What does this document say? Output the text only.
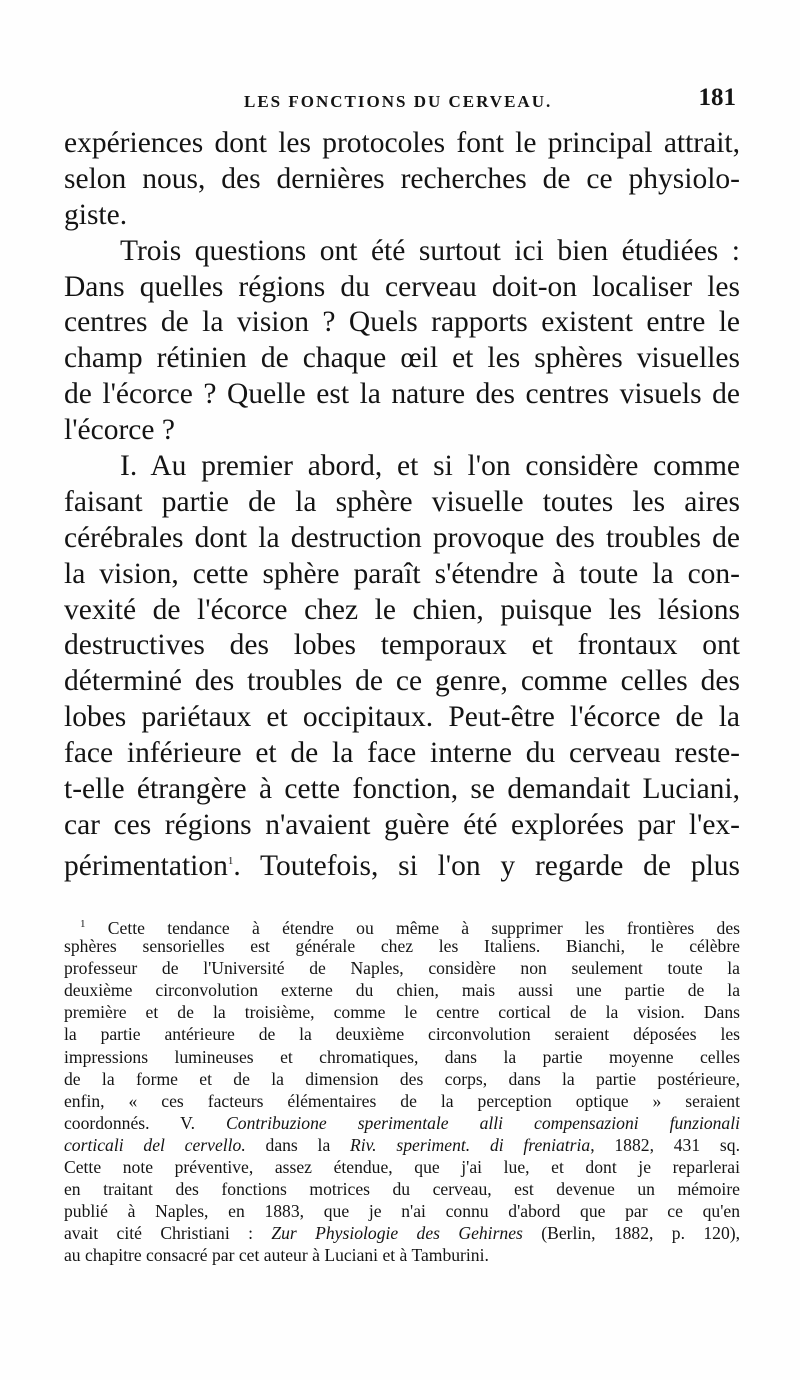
LES FONCTIONS DU CERVEAU.	181
expériences dont les protocoles font le principal attrait,
selon nous, des dernières recherches de ce physiolo-
giste.
Trois questions ont été surtout ici bien étudiées :
Dans quelles régions du cerveau doit-on localiser les
centres de la vision ? Quels rapports existent entre le
champ rétinien de chaque œil et les sphères visuelles
de l'écorce ? Quelle est la nature des centres visuels de
l'écorce ?
I. Au premier abord, et si l'on considère comme
faisant partie de la sphère visuelle toutes les aires
cérébrales dont la destruction provoque des troubles de
la vision, cette sphère paraît s'étendre à toute la con-
vexité de l'écorce chez le chien, puisque les lésions
destructives des lobes temporaux et frontaux ont
déterminé des troubles de ce genre, comme celles des
lobes pariétaux et occipitaux. Peut-être l'écorce de la
face inférieure et de la face interne du cerveau reste-
t-elle étrangère à cette fonction, se demandait Luciani,
car ces régions n'avaient guère été explorées par l'ex-
périmentation$^1$. Toutefois, si l'on y regarde de plus
$^1$ Cette tendance à étendre ou même à supprimer les frontières des
sphères sensorielles est générale chez les Italiens. Bianchi, le célèbre
professeur de l'Université de Naples, considère non seulement toute la
deuxième circonvolution externe du chien, mais aussi une partie de la
première et de la troisième, comme le centre cortical de la vision. Dans
la partie antérieure de la deuxième circonvolution seraient déposées les
impressions lumineuses et chromatiques, dans la partie moyenne celles
de la forme et de la dimension des corps, dans la partie postérieure,
enfin, « ces facteurs élémentaires de la perception optique » seraient
coordonnés. V. Contribuzione sperimentale alli compensazioni funzionali
corticali del cervello. dans la Riv. speriment. di freniatria, 1882, 431 sq.
Cette note préventive, assez étendue, que j'ai lue, et dont je reparlerai
en traitant des fonctions motrices du cerveau, est devenue un mémoire
publié à Naples, en 1883, que je n'ai connu d'abord que par ce qu'en
avait cité Christiani : Zur Physiologie des Gehirnes (Berlin, 1882, p. 120),
au chapitre consacré par cet auteur à Luciani et à Tamburini.
